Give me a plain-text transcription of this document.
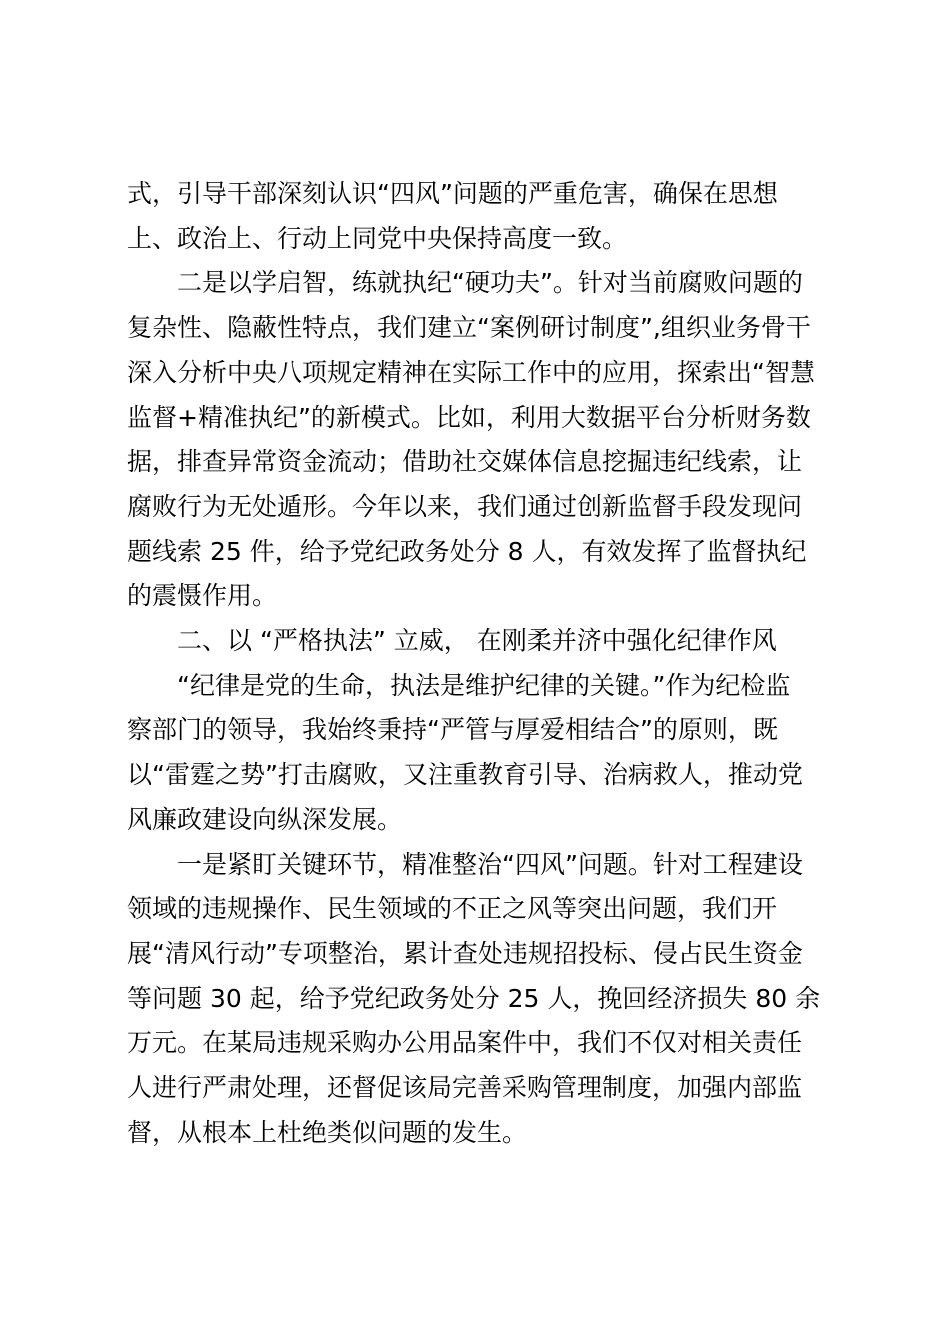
式，引导干部深刻认识“四风”问题的严重危害，确保在思想
上、政治上、行动上同党中央保持高度一致。

二是以学启智，练就执纪“硬功夫”。针对当前腐败问题的
复杂性、隐蔽性特点，我们建立“案例研讨制度”,组织业务骨干
深入分析中央八项规定精神在实际工作中的应用，探索出“智慧
监督+精准执纪”的新模式。比如，利用大数据平台分析财务数
据，排查异常资金流动；借助社交媒体信息挖掘违纪线索，让
腐败行为无处遁形。今年以来，我们通过创新监督手段发现问
题线索 25 件，给予党纪政务处分 8 人，有效发挥了监督执纪
的震慑作用。

二、以 “严格执法” 立威， 在刚柔并济中强化纪律作风

“纪律是党的生命，执法是维护纪律的关键。”作为纪检监
察部门的领导，我始终秉持“严管与厚爱相结合”的原则，既
以“雷霆之势”打击腐败，又注重教育引导、治病救人，推动党
风廉政建设向纵深发展。

一是紧盯关键环节，精准整治“四风”问题。针对工程建设
领域的违规操作、民生领域的不正之风等突出问题，我们开
展“清风行动”专项整治，累计查处违规招投标、侵占民生资金
等问题 30 起，给予党纪政务处分 25 人，挽回经济损失 80 余
万元。在某局违规采购办公用品案件中，我们不仅对相关责任
人进行严肃处理，还督促该局完善采购管理制度，加强内部监
督，从根本上杜绝类似问题的发生。
